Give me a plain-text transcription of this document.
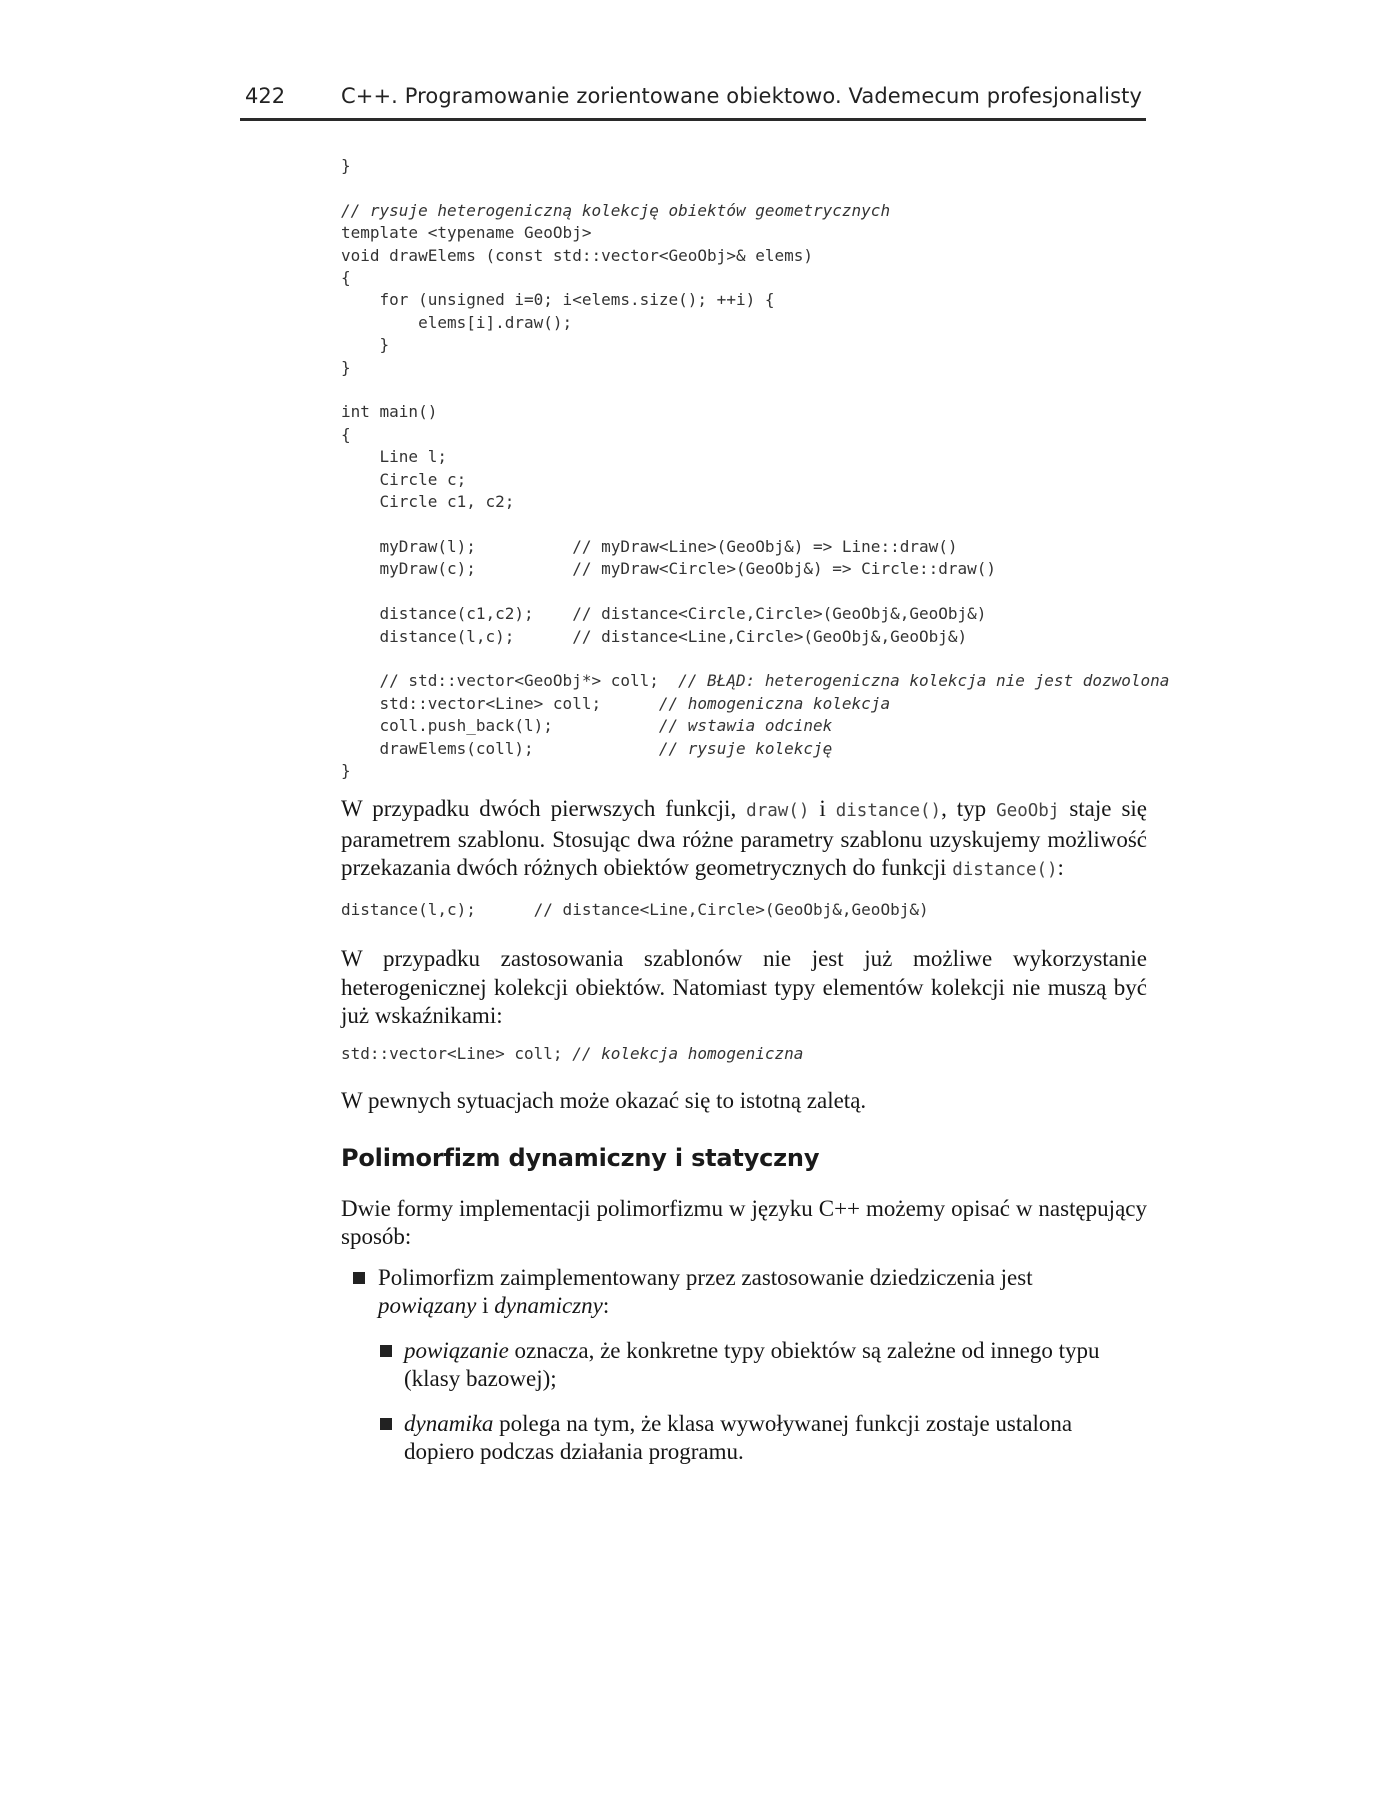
422	C++. Programowanie zorientowane obiektowo. Vademecum profesjonalisty
}

// rysuje heterogeniczną kolekcję obiektów geometrycznych
template <typename GeoObj>
void drawElems (const std::vector<GeoObj>& elems)
{
for (unsigned i=0; i<elems.size(); ++i) {
elems[i].draw();
}
}

int main()
{
Line l;
Circle c;
Circle c1, c2;

myDraw(l);          // myDraw<Line>(GeoObj&) => Line::draw()
myDraw(c);          // myDraw<Circle>(GeoObj&) => Circle::draw()

distance(c1,c2);    // distance<Circle,Circle>(GeoObj&,GeoObj&)
distance(l,c);      // distance<Line,Circle>(GeoObj&,GeoObj&)

// std::vector<GeoObj*> coll;  // BŁĄD: heterogeniczna kolekcja nie jest dozwolona
std::vector<Line> coll;      // homogeniczna kolekcja
coll.push_back(l);           // wstawia odcinek
drawElems(coll);             // rysuje kolekcję
}

W przypadku dwóch pierwszych funkcji, draw() i distance(), typ GeoObj staje się parametrem szablonu. Stosując dwa różne parametry szablonu uzyskujemy możliwość przekazania dwóch różnych obiektów geometrycznych do funkcji distance():

distance(l,c);      // distance<Line,Circle>(GeoObj&,GeoObj&)

W przypadku zastosowania szablonów nie jest już możliwe wykorzystanie heterogenicznej kolekcji obiektów. Natomiast typy elementów kolekcji nie muszą być już wskaźnikami:

std::vector<Line> coll; // kolekcja homogeniczna

W pewnych sytuacjach może okazać się to istotną zaletą.

Polimorfizm dynamiczny i statyczny

Dwie formy implementacji polimorfizmu w języku C++ możemy opisać w następujący sposób:

Polimorfizm zaimplementowany przez zastosowanie dziedziczenia jest
powiązany i dynamiczny:
powiązanie oznacza, że konkretne typy obiektów są zależne od innego typu (klasy bazowej);
dynamika polega na tym, że klasa wywoływanej funkcji zostaje ustalona dopiero podczas działania programu.
